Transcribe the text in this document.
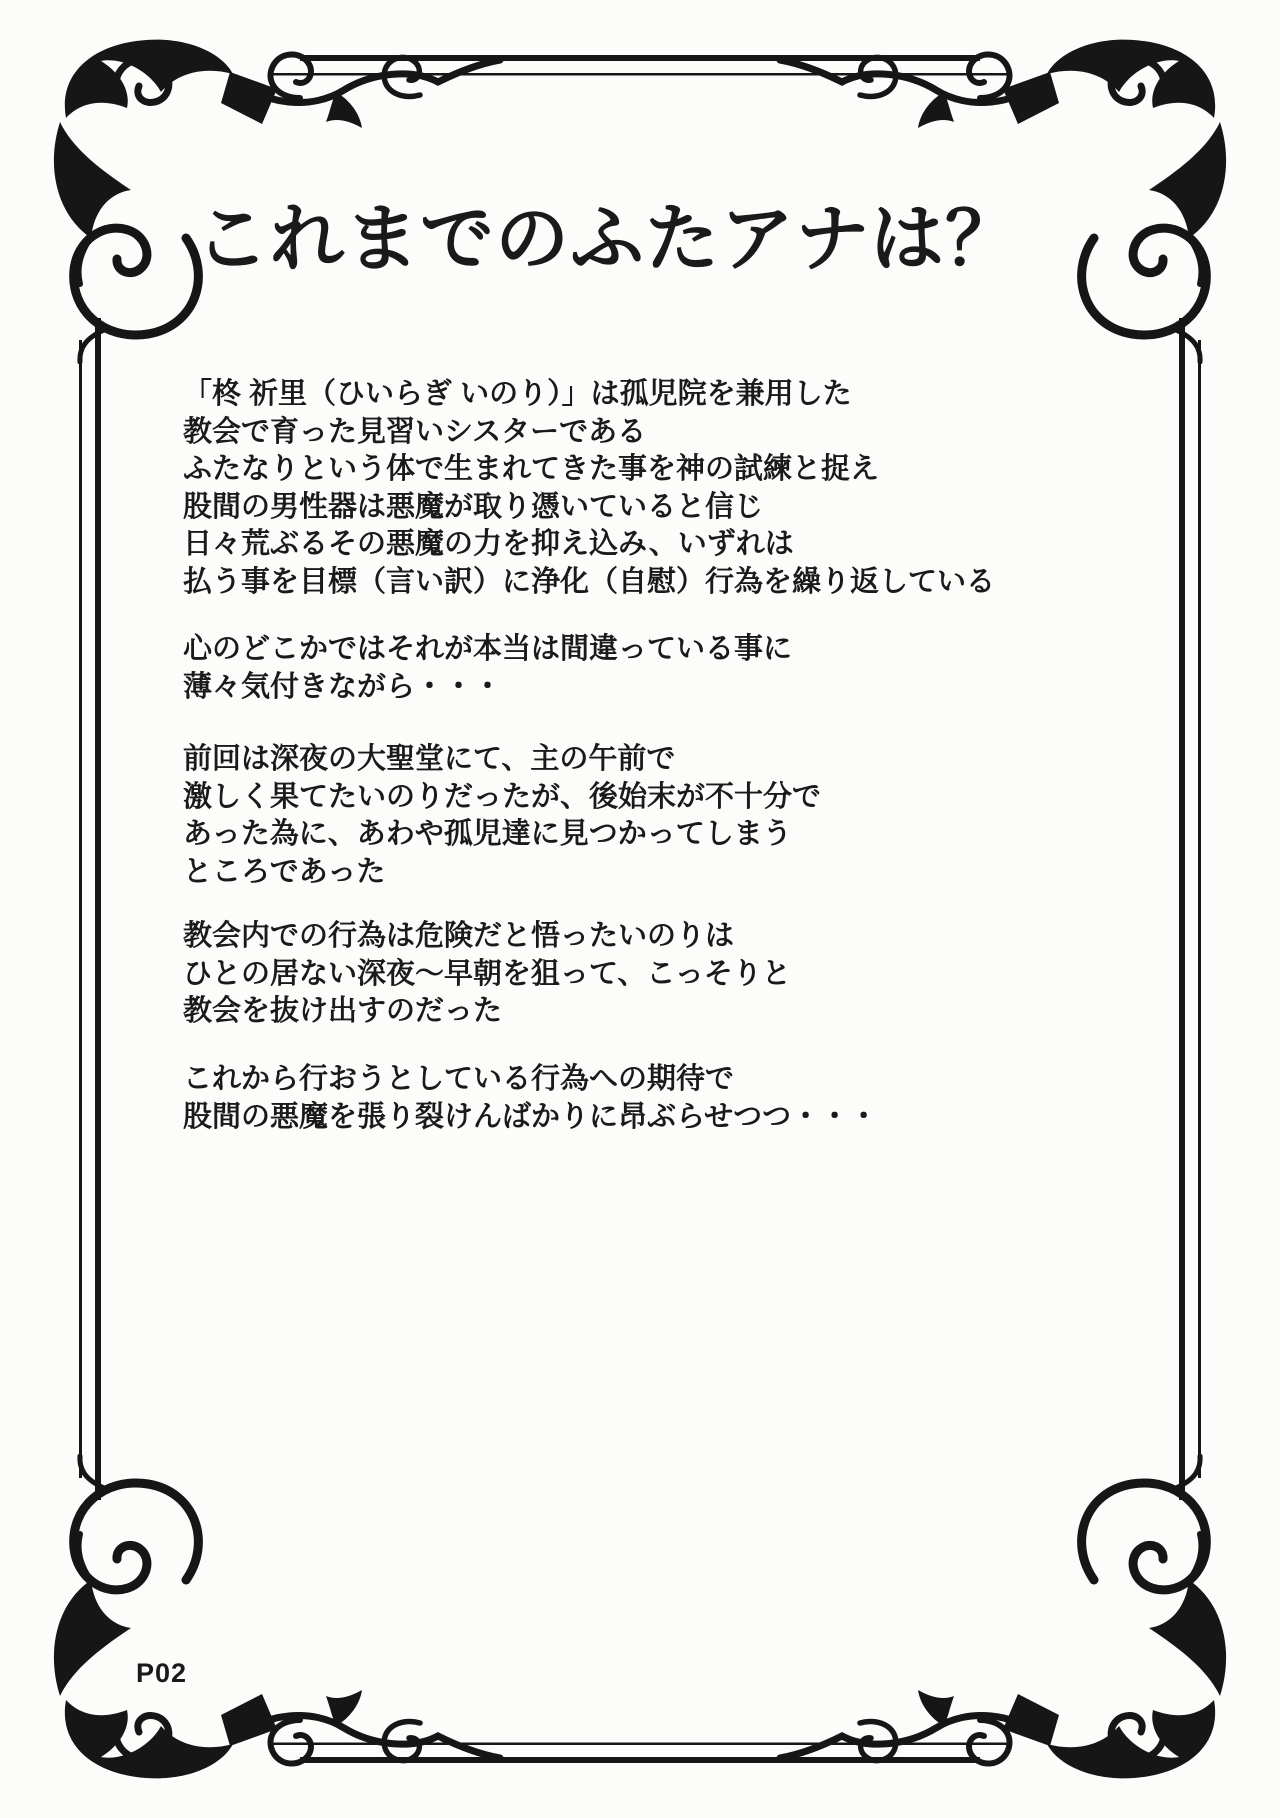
これまでのふたアナは？
「柊 祈里（ひいらぎ いのり）」は孤児院を兼用した
教会で育った見習いシスターである
ふたなりという体で生まれてきた事を神の試練と捉え
股間の男性器は悪魔が取り憑いていると信じ
日々荒ぶるその悪魔の力を抑え込み、いずれは
払う事を目標（言い訳）に浄化（自慰）行為を繰り返している
心のどこかではそれが本当は間違っている事に
薄々気付きながら・・・
前回は深夜の大聖堂にて、主の午前で
激しく果てたいのりだったが、後始末が不十分で
あった為に、あわや孤児達に見つかってしまう
ところであった
教会内での行為は危険だと悟ったいのりは
ひとの居ない深夜〜早朝を狙って、こっそりと
教会を抜け出すのだった
これから行おうとしている行為への期待で
股間の悪魔を張り裂けんばかりに昂ぶらせつつ・・・
P02
